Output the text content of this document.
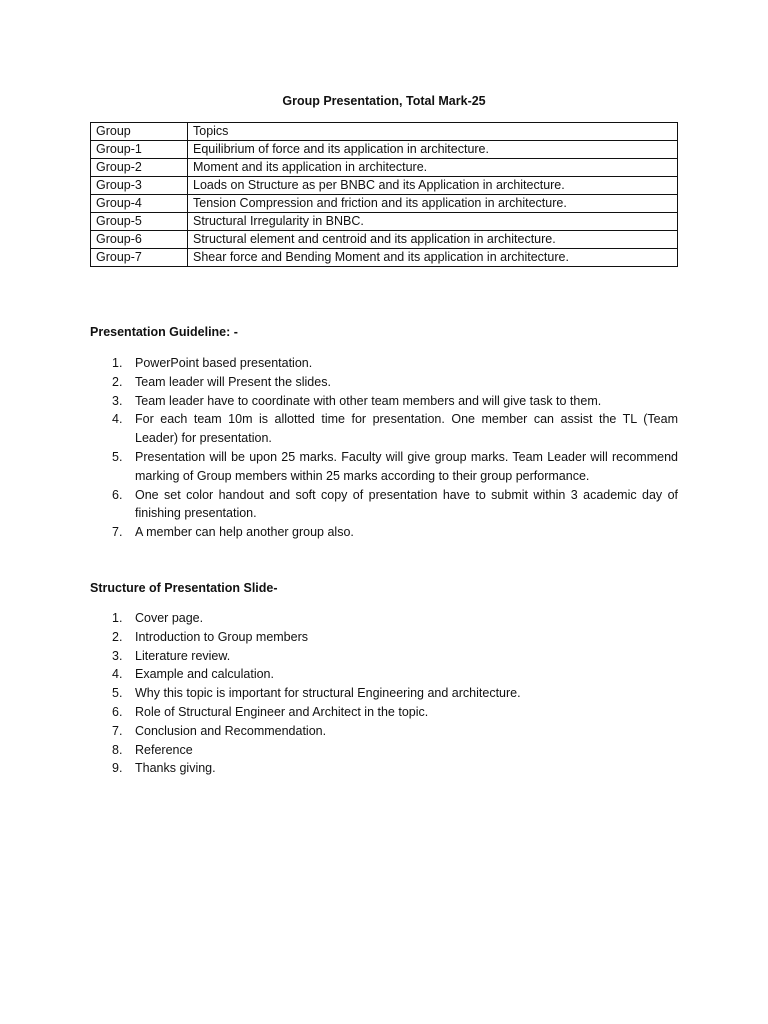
Group Presentation, Total Mark-25
Group	Topics
Group-1	Equilibrium of force and its application in architecture.
Group-2	Moment and its application in architecture.
Group-3	Loads on Structure as per BNBC and its Application in architecture.
Group-4	Tension Compression and friction and its application in architecture.
Group-5	Structural Irregularity in BNBC.
Group-6	Structural element and centroid and its application in architecture.
Group-7	Shear force and Bending Moment and its application in architecture.
Presentation Guideline: -
1. PowerPoint based presentation.
2. Team leader will Present the slides.
3. Team leader have to coordinate with other team members and will give task to them.
4. For each team 10m is allotted time for presentation. One member can assist the TL (Team Leader) for presentation.
5. Presentation will be upon 25 marks. Faculty will give group marks. Team Leader will recommend marking of Group members within 25 marks according to their group performance.
6. One set color handout and soft copy of presentation have to submit within 3 academic day of finishing presentation.
7. A member can help another group also.
Structure of Presentation Slide-
1. Cover page.
2. Introduction to Group members
3. Literature review.
4. Example and calculation.
5. Why this topic is important for structural Engineering and architecture.
6. Role of Structural Engineer and Architect in the topic.
7. Conclusion and Recommendation.
8. Reference
9. Thanks giving.
